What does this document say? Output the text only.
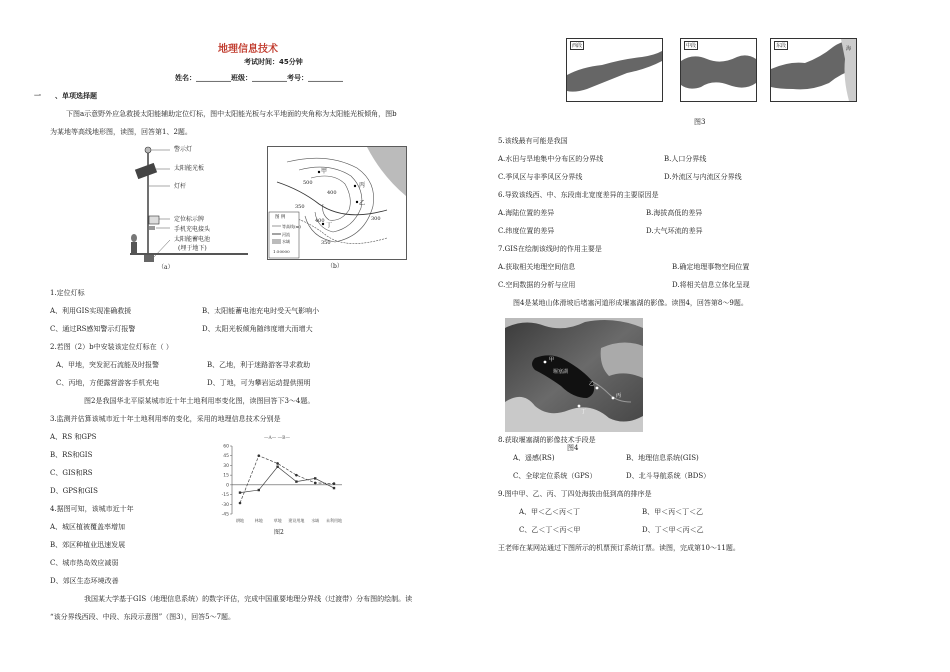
地理信息技术
考试时间：45分钟
姓名：__________班级：__________考号：__________
一 、单项选择题
下图a示意野外应急救援太阳能辅助定位灯标，图中太阳能光板与水平地面的夹角称为太阳能光板倾角，图b
为某地等高线地形图，读图，回答第1、2题。
警示灯
太阳能光板
灯杆
定位标示牌
手机充电接头
太阳能蓄电池
(埋于地下)
（a）
500
400
350
400	300
350
甲
丙
乙
丁
图 例
等高线(m)
河流
水域
1:50000
（b）
1.定位灯标
A、利用GIS实现准确救援	B、太阳能蓄电池充电时受天气影响小
C、通过RS感知警示灯报警	D、太阳光板倾角随纬度增大而增大
2.若图（2）b中安装该定位灯标在（ ）
A、甲地，突发泥石流能及时报警	B、乙地，利于迷路游客寻求救助
C、丙地，方便露营游客手机充电	D、丁地，可为攀岩运动提供照明
图2是我国华北平原某城市近十年土地利用率变化图，读图回答下3～4题。
3.监测并估算该城市近十年土地利用率的变化，采用的地理信息技术分别是
A、RS 和GPS
B、RS和GIS
C、GIS和RS
D、GPS和GIS
4.据图可知，该城市近十年
A、城区植被覆盖率增加
B、郊区种植业迅速发展
C、城市热岛效应减弱
D、郊区生态环境改善
60
45
30
15
0
-15
-30
-45
耕地	林地	草地 建设用地 水域 未利用地
—A— —B—
图2
我国某大学基于GIS（地理信息系统）的数字评估，完成中国重要地理分界线（过渡带）分布图的绘制。读
“该分界线西段、中段、东段示意图”（图3），回答5～7题。
西段	中段	东段	海
图3
5.该线最有可能是我国
A.水田与旱地集中分布区的分界线	B.人口分界线
C.季风区与非季风区分界线	D.外流区与内流区分界线
6.导致该线西、中、东段南北宽度差异的主要原因是
A.海陆位置的差异	B.海拔高低的差异
C.纬度位置的差异	D.大气环流的差异
7.GIS在绘制该线时的作用主要是
A.获取相关地理空间信息	B.确定地理事物空间位置
C.空间数据的分析与应用	D.将相关信息立体化呈现
图4是某地山体滑坡后堵塞河道形成堰塞湖的影像。读图4，回答第8～9题。
甲
乙
丙
丁
堰塞湖
8.获取堰塞湖的影像技术手段是
图4
A、遥感(RS)	B、地理信息系统(GIS)
C、全球定位系统（GPS）	D、北斗导航系统（BDS）
9.图中甲、乙、丙、丁四处海拔由低到高的排序是
A、甲＜乙＜丙＜丁	B、甲＜丙＜丁＜乙
C、乙＜丁＜丙＜甲	D、丁＜甲＜丙＜乙
王老师在某网站通过下图所示的机票预订系统订票。读图，完成第10～11题。
